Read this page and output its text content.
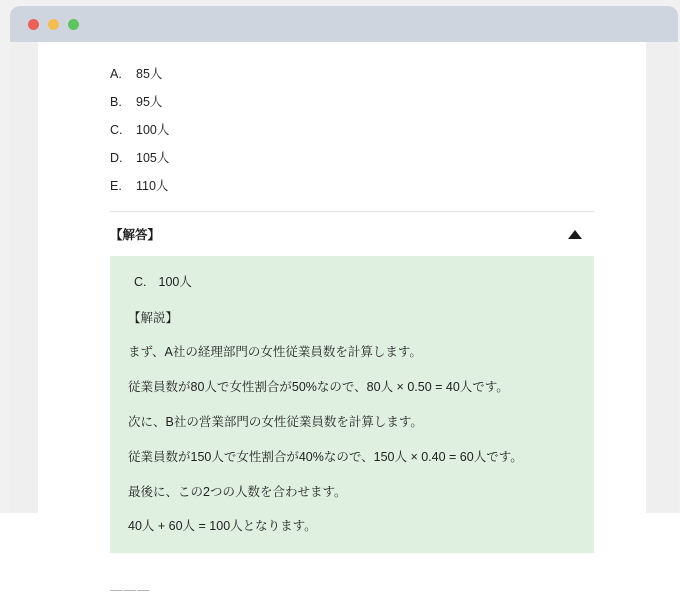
A.	85人
B.	95人
C.	100人
D.	105人
E.	110人
【解答】

C. 100人

【解説】

まず、A社の経理部門の女性従業員数を計算します。

従業員数が80人で女性割合が50%なので、80人 × 0.50 = 40人です。

次に、B社の営業部門の女性従業員数を計算します。

従業員数が150人で女性割合が40%なので、150人 × 0.40 = 60人です。

最後に、この2つの人数を合わせます。

40人 + 60人 = 100人となります。

＿＿＿
